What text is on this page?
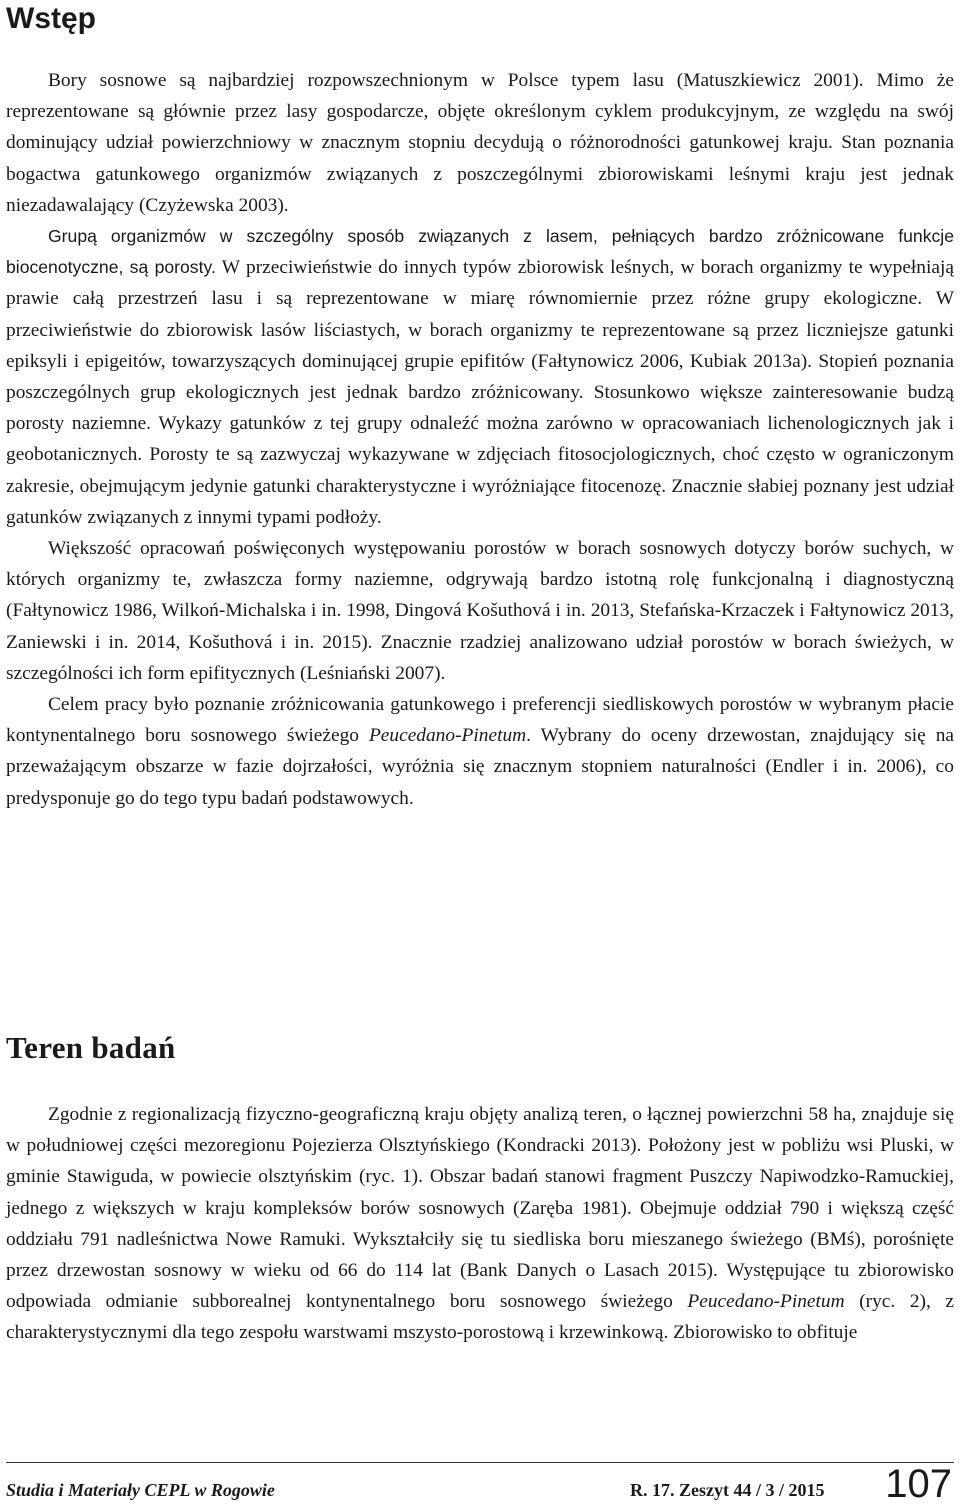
Wstęp

Bory sosnowe są najbardziej rozpowszechnionym w Polsce typem lasu (Matuszkiewicz 2001). Mimo że reprezentowane są głównie przez lasy gospodarcze, objęte określonym cyklem produkcyjnym, ze względu na swój dominujący udział powierzchniowy w znacznym stopniu decydują o różnorodności gatunkowej kraju. Stan poznania bogactwa gatunkowego organizmów związanych z poszczególnymi zbiorowiskami leśnymi kraju jest jednak niezadawalający (Czyżewska 2003).

Grupą organizmów w szczególny sposób związanych z lasem, pełniących bardzo zróżnicowane funkcje biocenotyczne, są porosty. W przeciwieństwie do innych typów zbiorowisk leśnych, w borach organizmy te wypełniają prawie całą przestrzeń lasu i są reprezentowane w miarę równomiernie przez różne grupy ekologiczne. W przeciwieństwie do zbiorowisk lasów liściastych, w borach organizmy te reprezentowane są przez liczniejsze gatunki epiksyli i epigeitów, towarzyszących dominującej grupie epifitów (Fałtynowicz 2006, Kubiak 2013a). Stopień poznania poszczególnych grup ekologicznych jest jednak bardzo zróżnicowany. Stosunkowo większe zainteresowanie budzą porosty naziemne. Wykazy gatunków z tej grupy odnaleźć można zarówno w opracowaniach lichenologicznych jak i geobotanicznych. Porosty te są zazwyczaj wykazywane w zdjęciach fitosocjologicznych, choć często w ograniczonym zakresie, obejmującym jedynie gatunki charakterystyczne i wyróżniające fitocenozę. Znacznie słabiej poznany jest udział gatunków związanych z innymi typami podłoży.

Większość opracowań poświęconych występowaniu porostów w borach sosnowych dotyczy borów suchych, w których organizmy te, zwłaszcza formy naziemne, odgrywają bardzo istotną rolę funkcjonalną i diagnostyczną (Fałtynowicz 1986, Wilkoń-Michalska i in. 1998, Dingová Košuthová i in. 2013, Stefańska-Krzaczek i Fałtynowicz 2013, Zaniewski i in. 2014, Košuthová i in. 2015). Znacznie rzadziej analizowano udział porostów w borach świeżych, w szczególności ich form epifitycznych (Leśniański 2007).

Celem pracy było poznanie zróżnicowania gatunkowego i preferencji siedliskowych porostów w wybranym płacie kontynentalnego boru sosnowego świeżego Peucedano-Pinetum. Wybrany do oceny drzewostan, znajdujący się na przeważającym obszarze w fazie dojrzałości, wyróżnia się znacznym stopniem naturalności (Endler i in. 2006), co predysponuje go do tego typu badań podstawowych.

Teren badań

Zgodnie z regionalizacją fizyczno-geograficzną kraju objęty analizą teren, o łącznej powierzchni 58 ha, znajduje się w południowej części mezoregionu Pojezierza Olsztyńskiego (Kondracki 2013). Położony jest w pobliżu wsi Pluski, w gminie Stawiguda, w powiecie olsztyńskim (ryc. 1). Obszar badań stanowi fragment Puszczy Napiwodzko-Ramuckiej, jednego z większych w kraju kompleksów borów sosnowych (Zaręba 1981). Obejmuje oddział 790 i większą część oddziału 791 nadleśnictwa Nowe Ramuki. Wykształciły się tu siedliska boru mieszanego świeżego (BMś), porośnięte przez drzewostan sosnowy w wieku od 66 do 114 lat (Bank Danych o Lasach 2015). Występujące tu zbiorowisko odpowiada odmianie subborealnej kontynentalnego boru sosnowego świeżego Peucedano-Pinetum (ryc. 2), z charakterystycznymi dla tego zespołu warstwami mszysto-porostową i krzewinkową. Zbiorowisko to obfituje

Studia i Materiały CEPL w Rogowie	R. 17. Zeszyt 44 / 3 / 2015 107
